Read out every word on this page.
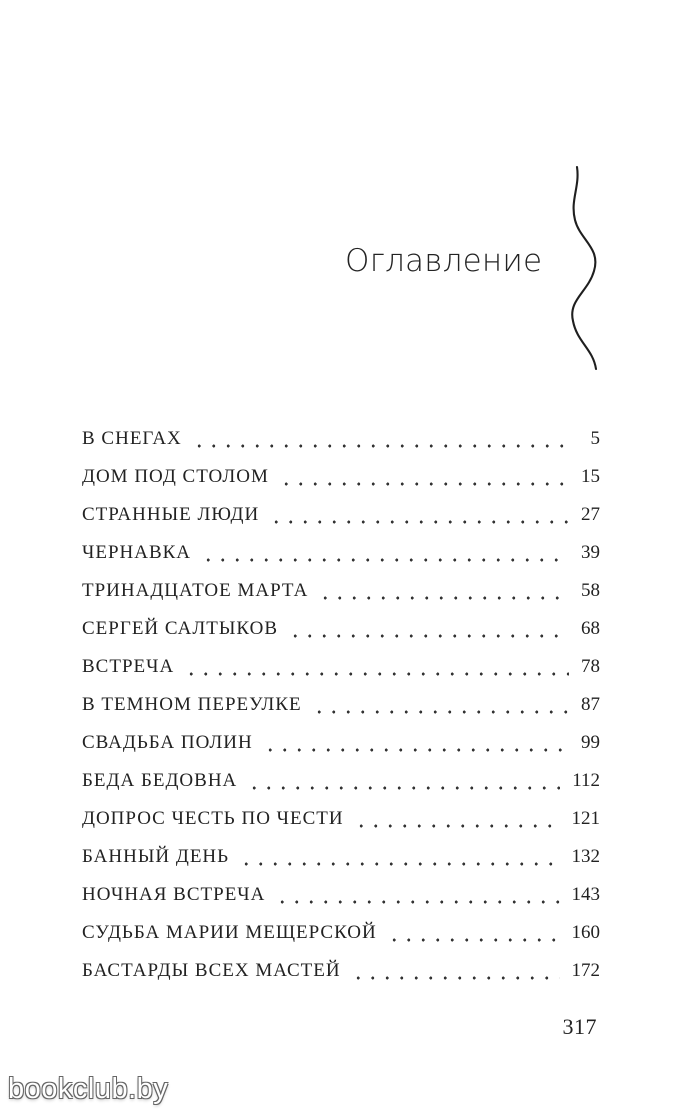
Оглавление
В СНЕГАХ	5
ДОМ ПОД СТОЛОМ	15
СТРАННЫЕ ЛЮДИ	27
ЧЕРНАВКА	39
ТРИНАДЦАТОЕ МАРТА	58
СЕРГЕЙ САЛТЫКОВ	68
ВСТРЕЧА	78
В ТЕМНОМ ПЕРЕУЛКЕ	87
СВАДЬБА ПОЛИН	99
БЕДА БЕДОВНА	112
ДОПРОС ЧЕСТЬ ПО ЧЕСТИ	121
БАННЫЙ ДЕНЬ	132
НОЧНАЯ ВСТРЕЧА	143
СУДЬБА МАРИИ МЕЩЕРСКОЙ	160
БАСТАРДЫ ВСЕХ МАСТЕЙ	172
317
bookclub.by
